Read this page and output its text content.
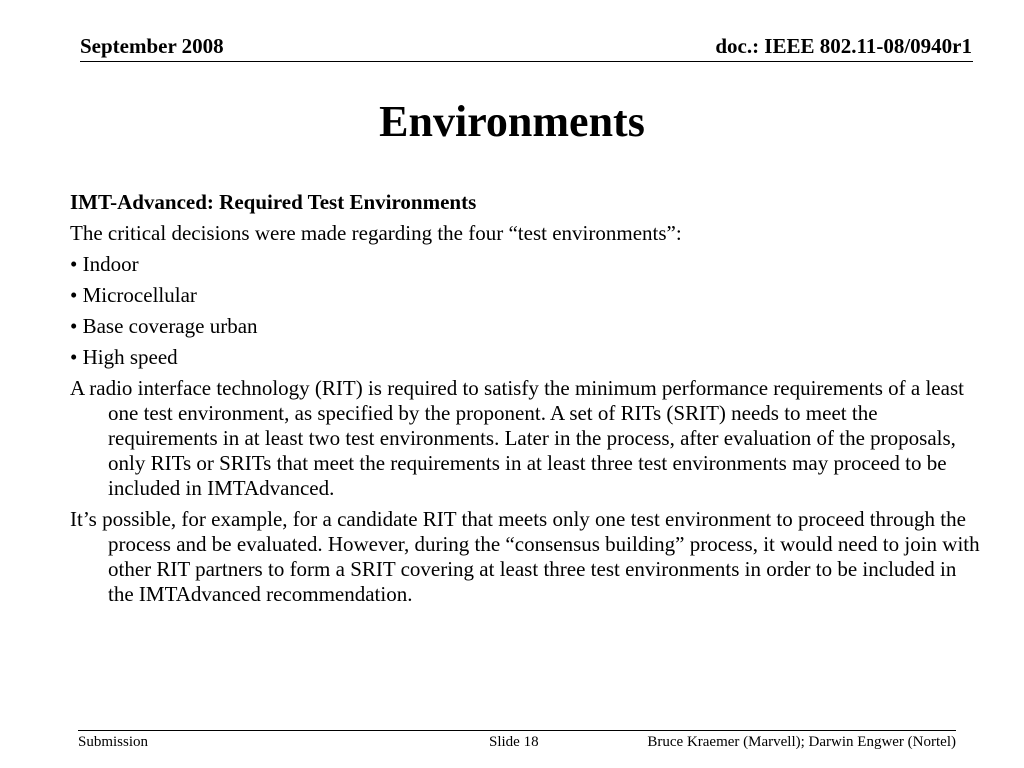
September 2008	doc.: IEEE 802.11-08/0940r1
Environments

IMT-Advanced: Required Test Environments

The critical decisions were made regarding the four “test environments”:

• Indoor

• Microcellular

• Base coverage urban

• High speed

A radio interface technology (RIT) is required to satisfy the minimum performance requirements of a least one test environment, as specified by the proponent. A set of RITs (SRIT) needs to meet the requirements in at least two test environments. Later in the process, after evaluation of the proposals, only RITs or SRITs that meet the requirements in at least three test environments may proceed to be included in IMTAdvanced.

It’s possible, for example, for a candidate RIT that meets only one test environment to proceed through the process and be evaluated. However, during the “consensus building” process, it would need to join with other RIT partners to form a SRIT covering at least three test environments in order to be included in the IMTAdvanced recommendation.

Submission	Slide 18	Bruce Kraemer (Marvell); Darwin Engwer (Nortel)
